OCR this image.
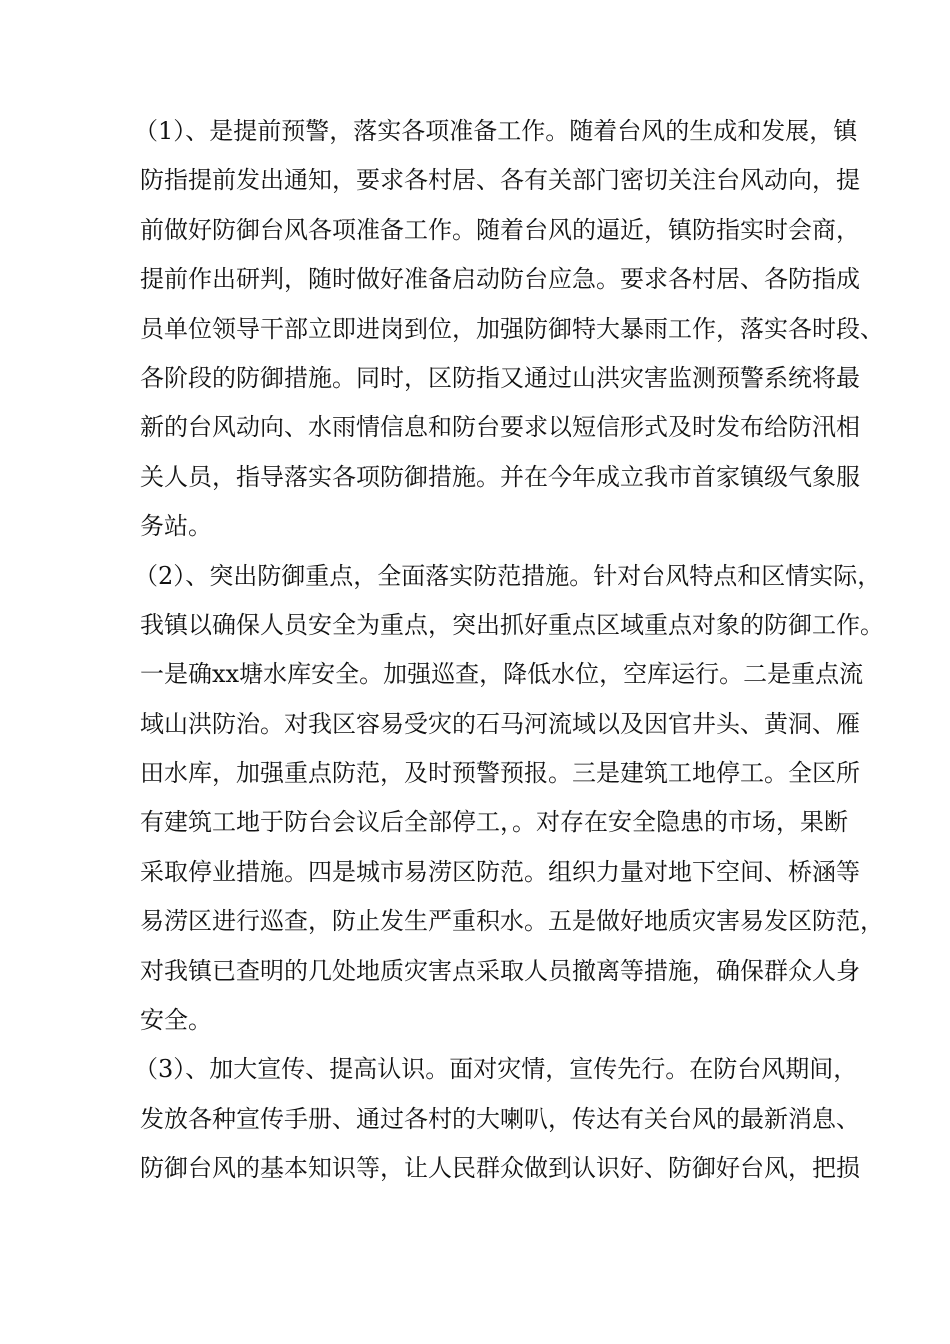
（1）、是提前预警，落实各项准备工作。随着台风的生成和发展，镇
防指提前发出通知，要求各村居、各有关部门密切关注台风动向，提
前做好防御台风各项准备工作。随着台风的逼近，镇防指实时会商，
提前作出研判，随时做好准备启动防台应急。要求各村居、各防指成
员单位领导干部立即进岗到位，加强防御特大暴雨工作，落实各时段、
各阶段的防御措施。同时，区防指又通过山洪灾害监测预警系统将最
新的台风动向、水雨情信息和防台要求以短信形式及时发布给防汛相
关人员，指导落实各项防御措施。并在今年成立我市首家镇级气象服
务站。
（2）、突出防御重点，全面落实防范措施。针对台风特点和区情实际，
我镇以确保人员安全为重点，突出抓好重点区域重点对象的防御工作。
一是确xx塘水库安全。加强巡查，降低水位，空库运行。二是重点流
域山洪防治。对我区容易受灾的石马河流域以及因官井头、黄洞、雁
田水库，加强重点防范，及时预警预报。三是建筑工地停工。全区所
有建筑工地于防台会议后全部停工，。对存在安全隐患的市场，果断
采取停业措施。四是城市易涝区防范。组织力量对地下空间、桥涵等
易涝区进行巡查，防止发生严重积水。五是做好地质灾害易发区防范，
对我镇已查明的几处地质灾害点采取人员撤离等措施，确保群众人身
安全。
（3）、加大宣传、提高认识。面对灾情，宣传先行。在防台风期间，
发放各种宣传手册、通过各村的大喇叭，传达有关台风的最新消息、
防御台风的基本知识等，让人民群众做到认识好、防御好台风，把损
